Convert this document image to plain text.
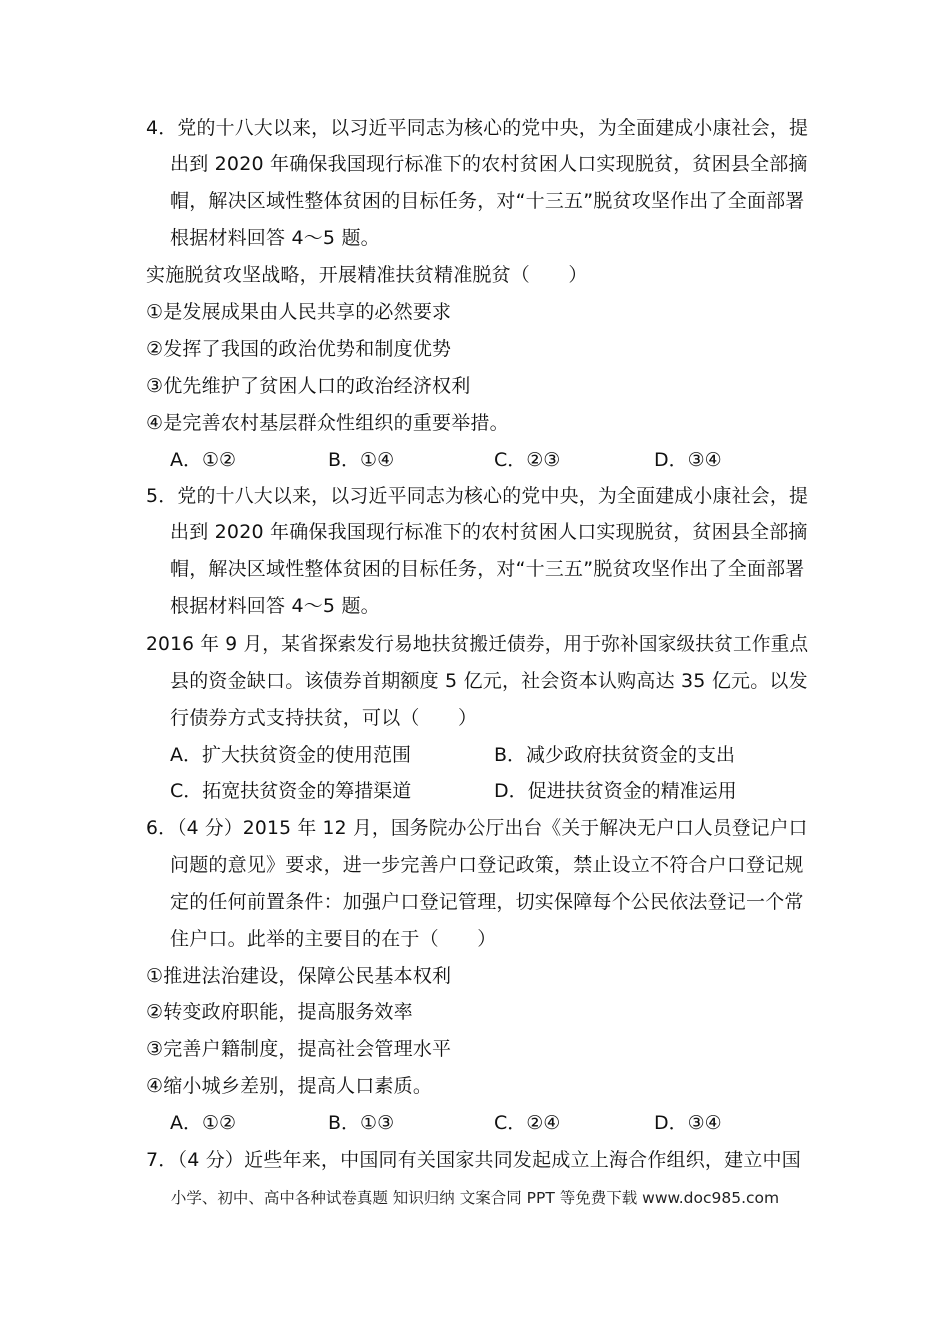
4．党的十八大以来，以习近平同志为核心的党中央，为全面建成小康社会，提
出到 2020 年确保我国现行标准下的农村贫困人口实现脱贫，贫困县全部摘
帽，解决区域性整体贫困的目标任务，对“十三五”脱贫攻坚作出了全面部署
根据材料回答 4～5 题。
实施脱贫攻坚战略，开展精准扶贫精准脱贫（　　）
①是发展成果由人民共享的必然要求
②发挥了我国的政治优势和制度优势
③优先维护了贫困人口的政治经济权利
④是完善农村基层群众性组织的重要举措。
A．①②	B．①④	C．②③	D．③④
5．党的十八大以来，以习近平同志为核心的党中央，为全面建成小康社会，提
出到 2020 年确保我国现行标准下的农村贫困人口实现脱贫，贫困县全部摘
帽，解决区域性整体贫困的目标任务，对“十三五”脱贫攻坚作出了全面部署
根据材料回答 4～5 题。
2016 年 9 月，某省探索发行易地扶贫搬迁债券，用于弥补国家级扶贫工作重点
县的资金缺口。该债券首期额度 5 亿元，社会资本认购高达 35 亿元。以发
行债券方式支持扶贫，可以（　　）
A．扩大扶贫资金的使用范围	B．减少政府扶贫资金的支出
C．拓宽扶贫资金的筹措渠道	D．促进扶贫资金的精准运用
6．（4 分）2015 年 12 月，国务院办公厅出台《关于解决无户口人员登记户口
问题的意见》要求，进一步完善户口登记政策，禁止设立不符合户口登记规
定的任何前置条件：加强户口登记管理，切实保障每个公民依法登记一个常
住户口。此举的主要目的在于（　　）
①推进法治建设，保障公民基本权利
②转变政府职能，提高服务效率
③完善户籍制度，提高社会管理水平
④缩小城乡差别，提高人口素质。
A．①②	B．①③	C．②④	D．③④
7．（4 分）近些年来，中国同有关国家共同发起成立上海合作组织，建立中国
小学、初中、高中各种试卷真题 知识归纳 文案合同 PPT 等免费下载 www.doc985.com
